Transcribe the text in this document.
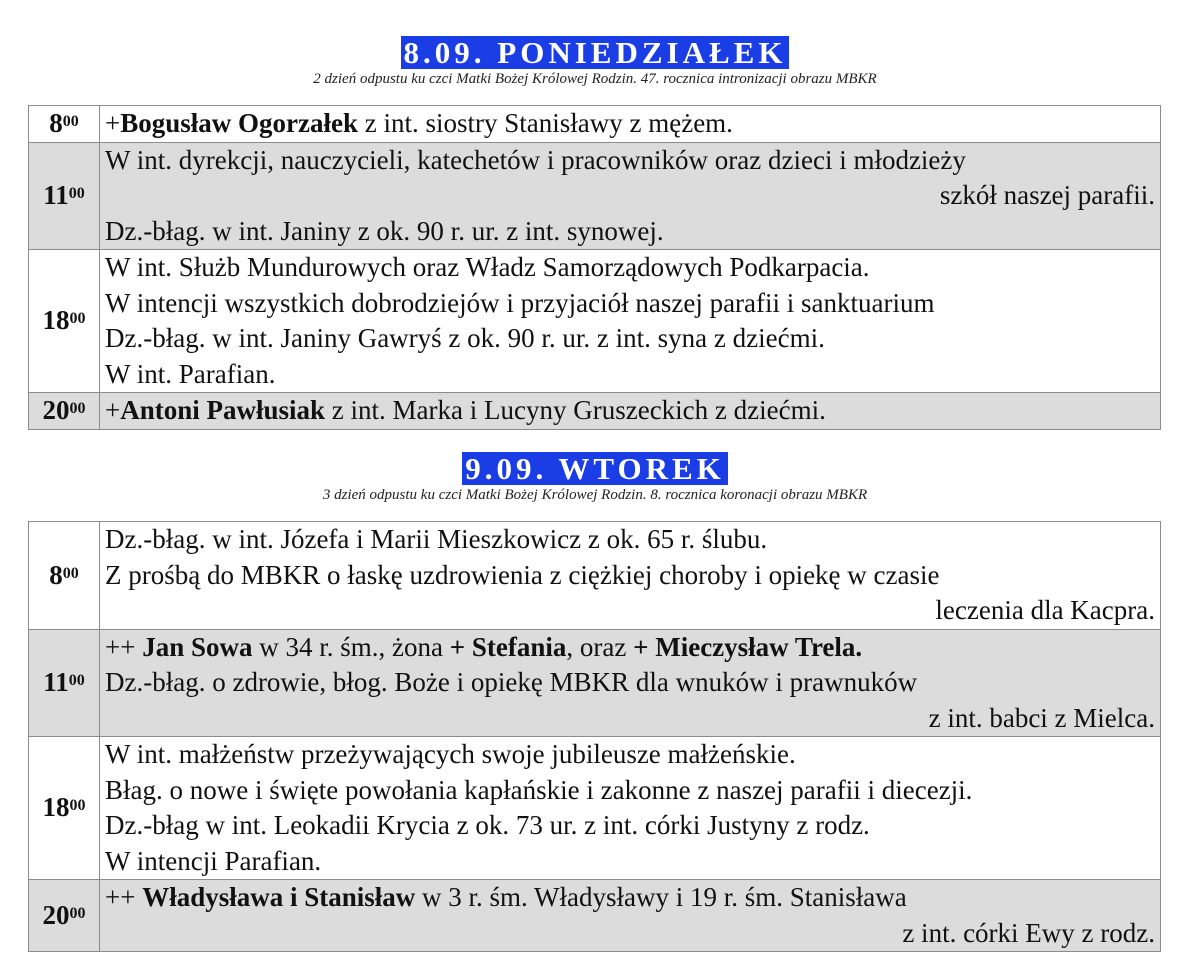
8.09. PONIEDZIAŁEK
2 dzień odpustu ku czci Matki Bożej Królowej Rodzin. 47. rocznica intronizacji obrazu MBKR
$8^{00}$	+Bogusław Ogorzałek z int. siostry Stanisławy z mężem.

$11^{00}$	W int. dyrekcji, nauczycieli, katechetów i pracowników oraz dzieci i młodzieży
szkół naszej parafii.
Dz.-błag. w int. Janiny z ok. 90 r. ur. z int. synowej.

$18^{00}$	W int. Służb Mundurowych oraz Władz Samorządowych Podkarpacia.
W intencji wszystkich dobrodziejów i przyjaciół naszej parafii i sanktuarium
Dz.-błag. w int. Janiny Gawryś z ok. 90 r. ur. z int. syna z dziećmi.
W int. Parafian.

$20^{00}$	+Antoni Pawłusiak z int. Marka i Lucyny Gruszeckich z dziećmi.
9.09. WTOREK
3 dzień odpustu ku czci Matki Bożej Królowej Rodzin. 8. rocznica koronacji obrazu MBKR
$8^{00}$	Dz.-błag. w int. Józefa i Marii Mieszkowicz z ok. 65 r. ślubu.
Z prośbą do MBKR o łaskę uzdrowienia z ciężkiej choroby i opiekę w czasie
leczenia dla Kacpra.

$11^{00}$	++ Jan Sowa w 34 r. śm., żona + Stefania, oraz + Mieczysław Trela.
Dz.-błag. o zdrowie, błog. Boże i opiekę MBKR dla wnuków i prawnuków
z int. babci z Mielca.

$18^{00}$	W int. małżeństw przeżywających swoje jubileusze małżeńskie.
Błag. o nowe i święte powołania kapłańskie i zakonne z naszej parafii i diecezji.
Dz.-błag w int. Leokadii Krycia z ok. 73 ur. z int. córki Justyny z rodz.
W intencji Parafian.

$20^{00}$	++ Władysława i Stanisław w 3 r. śm. Władysławy i 19 r. śm. Stanisława
z int. córki Ewy z rodz.
